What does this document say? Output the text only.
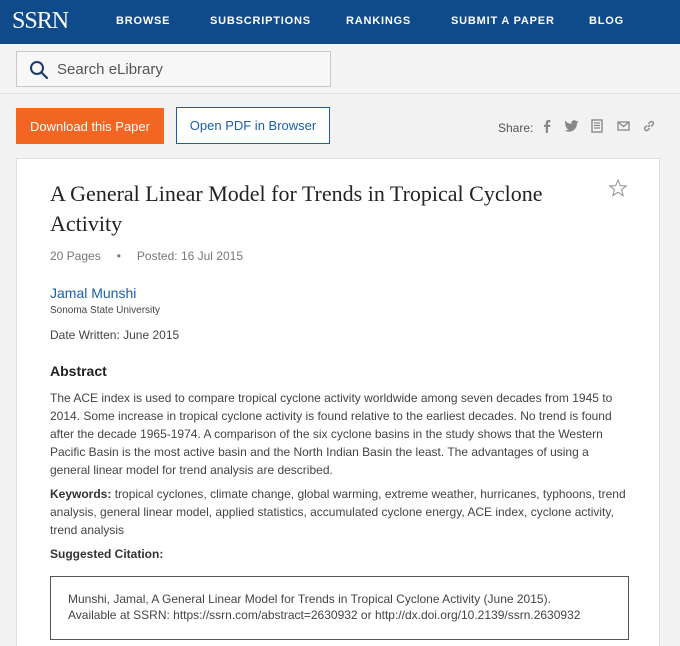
SSRN	BROWSE	SUBSCRIPTIONS	RANKINGS	SUBMIT A PAPER	BLOG
Search eLibrary
Download this Paper	Open PDF in Browser	Share:
A General Linear Model for Trends in Tropical Cyclone Activity
20 Pages • Posted: 16 Jul 2015
Jamal Munshi
Sonoma State University
Date Written: June 2015
Abstract

The ACE index is used to compare tropical cyclone activity worldwide among seven decades from 1945 to 2014. Some increase in tropical cyclone activity is found relative to the earliest decades. No trend is found after the decade 1965-1974. A comparison of the six cyclone basins in the study shows that the Western Pacific Basin is the most active basin and the North Indian Basin the least. The advantages of using a general linear model for trend analysis are described.

Keywords: tropical cyclones, climate change, global warming, extreme weather, hurricanes, typhoons, trend analysis, general linear model, applied statistics, accumulated cyclone energy, ACE index, cyclone activity, trend analysis

Suggested Citation:
Munshi, Jamal, A General Linear Model for Trends in Tropical Cyclone Activity (June 2015).
Available at SSRN: https://ssrn.com/abstract=2630932 or http://dx.doi.org/10.2139/ssrn.2630932
